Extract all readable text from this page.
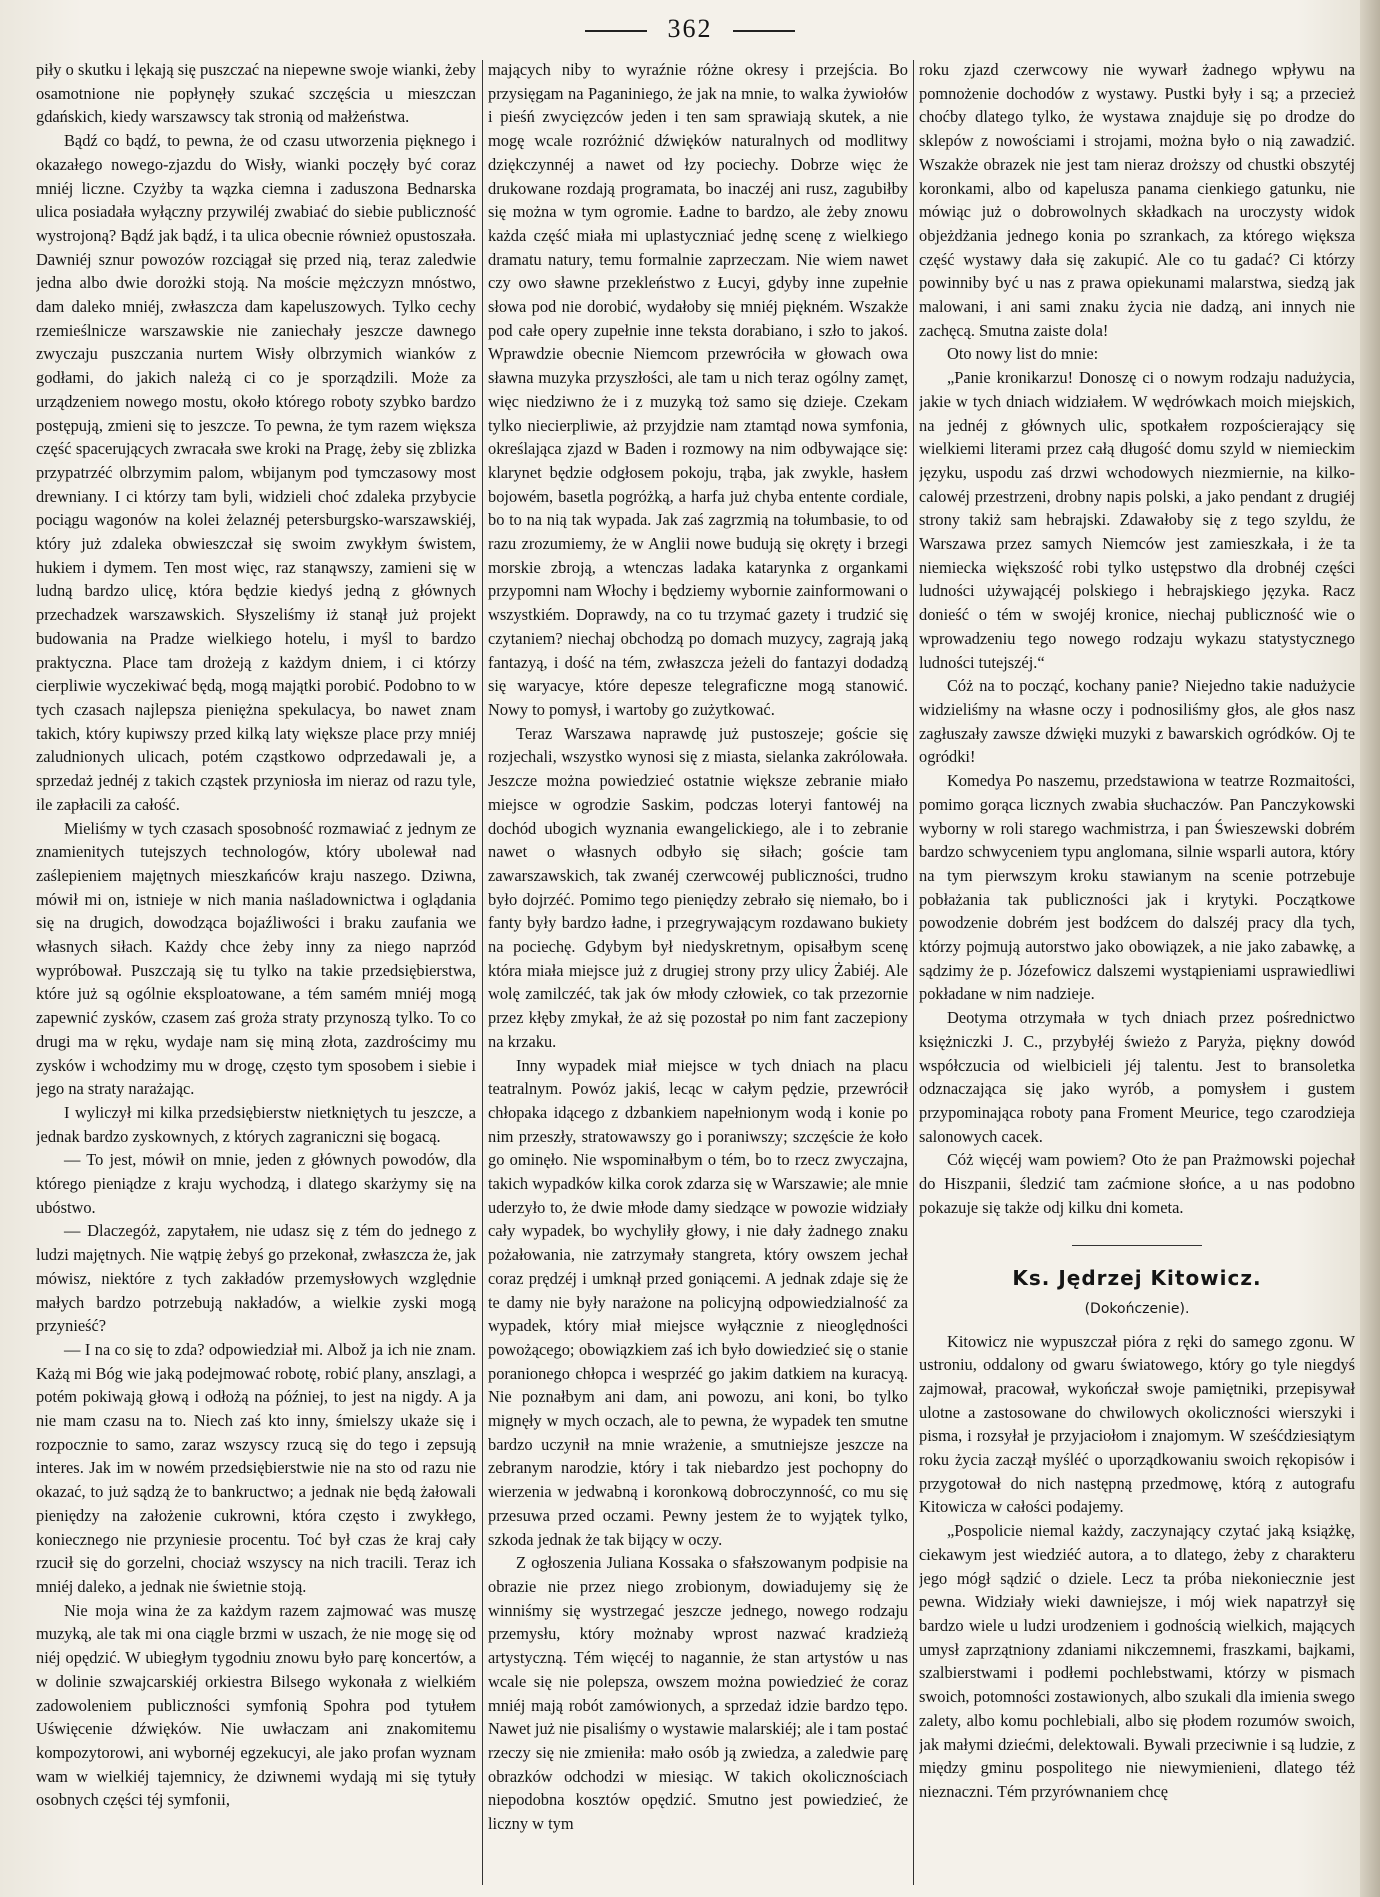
362

piły o skutku i lękają się puszczać na niepewne swoje wianki, żeby osamotnione nie popłynęły szukać szczęścia u mieszczan gdańskich, kiedy warszawscy tak stronią od małżeństwa.

Bądź co bądź, to pewna, że od czasu utworzenia pięknego i okazałego nowego-zjazdu do Wisły, wianki poczęły być coraz mniéj liczne. Czyżby ta wązka ciemna i zaduszona Bednarska ulica posiadała wyłączny przywiléj zwabiać do siebie publiczność wystrojoną? Bądź jak bądź, i ta ulica obecnie również opustoszała. Dawniéj sznur powozów rozciągał się przed nią, teraz zaledwie jedna albo dwie dorożki stoją. Na moście mężczyzn mnóstwo, dam daleko mniéj, zwłaszcza dam kapeluszowych. Tylko cechy rzemieślnicze warszawskie nie zaniechały jeszcze dawnego zwyczaju puszczania nurtem Wisły olbrzymich wianków z godłami, do jakich należą ci co je sporządzili. Może za urządzeniem nowego mostu, około którego roboty szybko bardzo postępują, zmieni się to jeszcze. To pewna, że tym razem większa część spacerujących zwracała swe kroki na Pragę, żeby się zblizka przypatrzéć olbrzymim palom, wbijanym pod tymczasowy most drewniany. I ci którzy tam byli, widzieli choć zdaleka przybycie pociągu wagonów na kolei żelaznéj petersburgsko-warszawskiéj, który już zdaleka obwieszczał się swoim zwykłym świstem, hukiem i dymem. Ten most więc, raz stanąwszy, zamieni się w ludną bardzo ulicę, która będzie kiedyś jedną z głównych przechadzek warszawskich. Słyszeliśmy iż stanął już projekt budowania na Pradze wielkiego hotelu, i myśl to bardzo praktyczna. Place tam drożeją z każdym dniem, i ci którzy cierpliwie wyczekiwać będą, mogą majątki porobić. Podobno to w tych czasach najlepsza pieniężna spekulacya, bo nawet znam takich, który kupiwszy przed kilką laty większe place przy mniéj zaludnionych ulicach, potém cząstkowo odprzedawali je, a sprzedaż jednéj z takich cząstek przyniosła im nieraz od razu tyle, ile zapłacili za całość.

Mieliśmy w tych czasach sposobność rozmawiać z jednym ze znamienitych tutejszych technologów, który ubolewał nad zaślepieniem majętnych mieszkańców kraju naszego. Dziwna, mówił mi on, istnieje w nich mania naśladownictwa i oglądania się na drugich, dowodząca bojaźliwości i braku zaufania we własnych siłach. Każdy chce żeby inny za niego naprzód wypróbował. Puszczają się tu tylko na takie przedsiębierstwa, które już są ogólnie eksploatowane, a tém samém mniéj mogą zapewnić zysków, czasem zaś groża straty przynoszą tylko. To co drugi ma w ręku, wydaje nam się miną złota, zazdrościmy mu zysków i wchodzimy mu w drogę, często tym sposobem i siebie i jego na straty narażając.

I wyliczył mi kilka przedsiębierstw nietkniętych tu jeszcze, a jednak bardzo zyskownych, z których zagraniczni się bogacą.

— To jest, mówił on mnie, jeden z głównych powodów, dla którego pieniądze z kraju wychodzą, i dlatego skarżymy się na ubóstwo.

— Dlaczegóż, zapytałem, nie udasz się z tém do jednego z ludzi majętnych. Nie wątpię żebyś go przekonał, zwłaszcza że, jak mówisz, niektóre z tych zakładów przemysłowych względnie małych bardzo potrzebują nakładów, a wielkie zyski mogą przynieść?

— I na co się to zda? odpowiedział mi. Albož ja ich nie znam. Każą mi Bóg wie jaką podejmować robotę, robić plany, anszlagi, a potém pokiwają głową i odłożą na później, to jest na nigdy. A ja nie mam czasu na to. Niech zaś kto inny, śmielszy ukaże się i rozpocznie to samo, zaraz wszyscy rzucą się do tego i zepsują interes. Jak im w nowém przedsiębierstwie nie na sto od razu nie okazać, to już sądzą że to bankructwo; a jednak nie będą żałowali pieniędzy na założenie cukrowni, która często i zwykłego, koniecznego nie przyniesie procentu. Toć był czas że kraj cały rzucił się do gorzelni, chociaż wszyscy na nich tracili. Teraz ich mniéj daleko, a jednak nie świetnie stoją.

Nie moja wina że za każdym razem zajmować was muszę muzyką, ale tak mi ona ciągle brzmi w uszach, że nie mogę się od niéj opędzić. W ubiegłym tygodniu znowu było parę koncertów, a w dolinie szwajcarskiéj orkiestra Bilsego wykonała z wielkiém zadowoleniem publiczności symfonią Spohra pod tytułem Uświęcenie dźwięków. Nie uwłaczam ani znakomitemu kompozytorowi, ani wybornéj egzekucyi, ale jako profan wyznam wam w wielkiéj tajemnicy, że dziwnemi wydają mi się tytuły osobnych części téj symfonii,

mających niby to wyraźnie różne okresy i przejścia. Bo przysięgam na Paganiniego, że jak na mnie, to walka żywiołów i pieśń zwycięzców jeden i ten sam sprawiają skutek, a nie mogę wcale rozróżnić dźwięków naturalnych od modlitwy dziękczynnéj a nawet od łzy pociechy. Dobrze więc że drukowane rozdają programata, bo inaczéj ani rusz, zagubiłby się można w tym ogromie. Ładne to bardzo, ale żeby znowu każda część miała mi uplastyczniać jednę scenę z wielkiego dramatu natury, temu formalnie zaprzeczam. Nie wiem nawet czy owo sławne przekleństwo z Łucyi, gdyby inne zupełnie słowa pod nie dorobić, wydałoby się mniéj piękném. Wszakże pod całe opery zupełnie inne teksta dorabiano, i szło to jakoś. Wprawdzie obecnie Niemcom przewróciła w głowach owa sławna muzyka przyszłości, ale tam u nich teraz ogólny zamęt, więc niedziwno że i z muzyką toż samo się dzieje. Czekam tylko niecierpliwie, aż przyjdzie nam ztamtąd nowa symfonia, określająca zjazd w Baden i rozmowy na nim odbywające się: klarynet będzie odgłosem pokoju, trąba, jak zwykle, hasłem bojowém, basetla pogróżką, a harfa już chyba entente cordiale, bo to na nią tak wypada. Jak zaś zagrzmią na tołumbasie, to od razu zrozumiemy, że w Anglii nowe budują się okręty i brzegi morskie zbroją, a wtenczas ladaka katarynka z organkami przypomni nam Włochy i będziemy wybornie zainformowani o wszystkiém. Doprawdy, na co tu trzymać gazety i trudzić się czytaniem? niechaj obchodzą po domach muzycy, zagrają jaką fantazyą, i dość na tém, zwłaszcza jeżeli do fantazyi dodadzą się waryacye, które depesze telegraficzne mogą stanowić. Nowy to pomysł, i wartoby go zużytkować.

Teraz Warszawa naprawdę już pustoszeje; goście się rozjechali, wszystko wynosi się z miasta, sielanka zakrólowała. Jeszcze można powiedzieć ostatnie większe zebranie miało miejsce w ogrodzie Saskim, podczas loteryi fantowéj na dochód ubogich wyznania ewangelickiego, ale i to zebranie nawet o własnych odbyło się siłach; goście tam zawarszawskich, tak zwanéj czerwcowéj publiczności, trudno było dojrzéć. Pomimo tego pieniędzy zebrało się niemało, bo i fanty były bardzo ładne, i przegrywającym rozdawano bukiety na pociechę. Gdybym był niedyskretnym, opisałbym scenę która miała miejsce już z drugiej strony przy ulicy Żabiéj. Ale wolę zamilczéć, tak jak ów młody człowiek, co tak przezornie przez kłęby zmykał, że aż się pozostał po nim fant zaczepiony na krzaku.

Inny wypadek miał miejsce w tych dniach na placu teatralnym. Powóz jakiś, lecąc w całym pędzie, przewrócił chłopaka idącego z dzbankiem napełnionym wodą i konie po nim przeszły, stratowawszy go i poraniwszy; szczęście że koło go ominęło. Nie wspominałbym o tém, bo to rzecz zwyczajna, takich wypadków kilka corok zdarza się w Warszawie; ale mnie uderzyło to, że dwie młode damy siedzące w powozie widziały cały wypadek, bo wychyliły głowy, i nie dały żadnego znaku pożałowania, nie zatrzymały stangreta, który owszem jechał coraz prędzéj i umknął przed goniącemi. A jednak zdaje się że te damy nie były narażone na policyjną odpowiedzialność za wypadek, który miał miejsce wyłącznie z nieoględności powożącego; obowiązkiem zaś ich było dowiedzieć się o stanie poranionego chłopca i wesprzéć go jakim datkiem na kuracyą. Nie poznałbym ani dam, ani powozu, ani koni, bo tylko mignęły w mych oczach, ale to pewna, że wypadek ten smutne bardzo uczynił na mnie wrażenie, a smutniejsze jeszcze na zebranym narodzie, który i tak niebardzo jest pochopny do wierzenia w jedwabną i koronkową dobroczynność, co mu się przesuwa przed oczami. Pewny jestem że to wyjątek tylko, szkoda jednak że tak bijący w oczy.

Z ogłoszenia Juliana Kossaka o sfałszowanym podpisie na obrazie nie przez niego zrobionym, dowiadujemy się że winniśmy się wystrzegać jeszcze jednego, nowego rodzaju przemysłu, który możnaby wprost nazwać kradzieżą artystyczną. Tém więcéj to nagannie, że stan artystów u nas wcale się nie polepsza, owszem można powiedzieć że coraz mniéj mają robót zamówionych, a sprzedaż idzie bardzo tępo. Nawet już nie pisaliśmy o wystawie malarskiéj; ale i tam postać rzeczy się nie zmieniła: mało osób ją zwiedza, a zaledwie parę obrazków odchodzi w miesiąc. W takich okolicznościach niepodobna kosztów opędzić. Smutno jest powiedzieć, że liczny w tym

roku zjazd czerwcowy nie wywarł żadnego wpływu na pomnożenie dochodów z wystawy. Pustki były i są; a przecież choćby dlatego tylko, że wystawa znajduje się po drodze do sklepów z nowościami i strojami, można było o nią zawadzić. Wszakże obrazek nie jest tam nieraz droższy od chustki obszytéj koronkami, albo od kapelusza panama cienkiego gatunku, nie mówiąc już o dobrowolnych składkach na uroczysty widok objeżdżania jednego konia po szrankach, za którego większa część wystawy dała się zakupić. Ale co tu gadać? Ci którzy powinniby być u nas z prawa opiekunami malarstwa, siedzą jak malowani, i ani sami znaku życia nie dadzą, ani innych nie zachęcą. Smutna zaiste dola!

Oto nowy list do mnie:

„Panie kronikarzu! Donoszę ci o nowym rodzaju nadużycia, jakie w tych dniach widziałem. W wędrówkach moich miejskich, na jednéj z głównych ulic, spotkałem rozpościerający się wielkiemi literami przez całą długość domu szyld w niemieckim języku, uspodu zaś drzwi wchodowych niezmiernie, na kilko-calowéj przestrzeni, drobny napis polski, a jako pendant z drugiéj strony takiż sam hebrajski. Zdawałoby się z tego szyldu, że Warszawa przez samych Niemców jest zamieszkała, i że ta niemiecka większość robi tylko ustępstwo dla drobnéj części ludności używającéj polskiego i hebrajskiego języka. Racz donieść o tém w swojéj kronice, niechaj publiczność wie o wprowadzeniu tego nowego rodzaju wykazu statystycznego ludności tutejszéj.“

Cóż na to począć, kochany panie? Niejedno takie nadużycie widzieliśmy na własne oczy i podnosiliśmy głos, ale głos nasz zagłuszały zawsze dźwięki muzyki z bawarskich ogródków. Oj te ogródki!

Komedya Po naszemu, przedstawiona w teatrze Rozmaitości, pomimo gorąca licznych zwabia słuchaczów. Pan Panczykowski wyborny w roli starego wachmistrza, i pan Świeszewski dobrém bardzo schwyceniem typu anglomana, silnie wsparli autora, który na tym pierwszym kroku stawianym na scenie potrzebuje pobłażania tak publiczności jak i krytyki. Początkowe powodzenie dobrém jest bodźcem do dalszéj pracy dla tych, którzy pojmują autorstwo jako obowiązek, a nie jako zabawkę, a sądzimy że p. Józefowicz dalszemi wystąpieniami usprawiedliwi pokładane w nim nadzieje.

Deotyma otrzymała w tych dniach przez pośrednictwo księżniczki J. C., przybyłéj świeżo z Paryża, piękny dowód współczucia od wielbicieli jéj talentu. Jest to bransoletka odznaczająca się jako wyrób, a pomysłem i gustem przypominająca roboty pana Froment Meurice, tego czarodzieja salonowych cacek.

Cóż więcéj wam powiem? Oto że pan Prażmowski pojechał do Hiszpanii, śledzić tam zaćmione słońce, a u nas podobno pokazuje się także odj kilku dni kometa.

Ks. Jędrzej Kitowicz.
(Dokończenie).

Kitowicz nie wypuszczał pióra z ręki do samego zgonu. W ustroniu, oddalony od gwaru światowego, który go tyle niegdyś zajmował, pracował, wykończał swoje pamiętniki, przepisywał ulotne a zastosowane do chwilowych okoliczności wierszyki i pisma, i rozsyłał je przyjaciołom i znajomym. W sześćdziesiątym roku życia zaczął myśléć o uporządkowaniu swoich rękopisów i przygotował do nich następną przedmowę, którą z autografu Kitowicza w całości podajemy.

„Pospolicie niemal każdy, zaczynający czytać jaką książkę, ciekawym jest wiedziéć autora, a to dlatego, żeby z charakteru jego mógł sądzić o dziele. Lecz ta próba niekoniecznie jest pewna. Widziały wieki dawniejsze, i mój wiek napatrzył się bardzo wiele u ludzi urodzeniem i godnością wielkich, mających umysł zaprzątniony zdaniami nikczemnemi, fraszkami, bajkami, szalbierstwami i podłemi pochlebstwami, którzy w pismach swoich, potomności zostawionych, albo szukali dla imienia swego zalety, albo komu pochlebiali, albo się płodem rozumów swoich, jak małymi dziećmi, delektowali. Bywali przeciwnie i są ludzie, z między gminu pospolitego nie niewymienieni, dlatego téż nieznaczni. Tém przyrównaniem chcę
